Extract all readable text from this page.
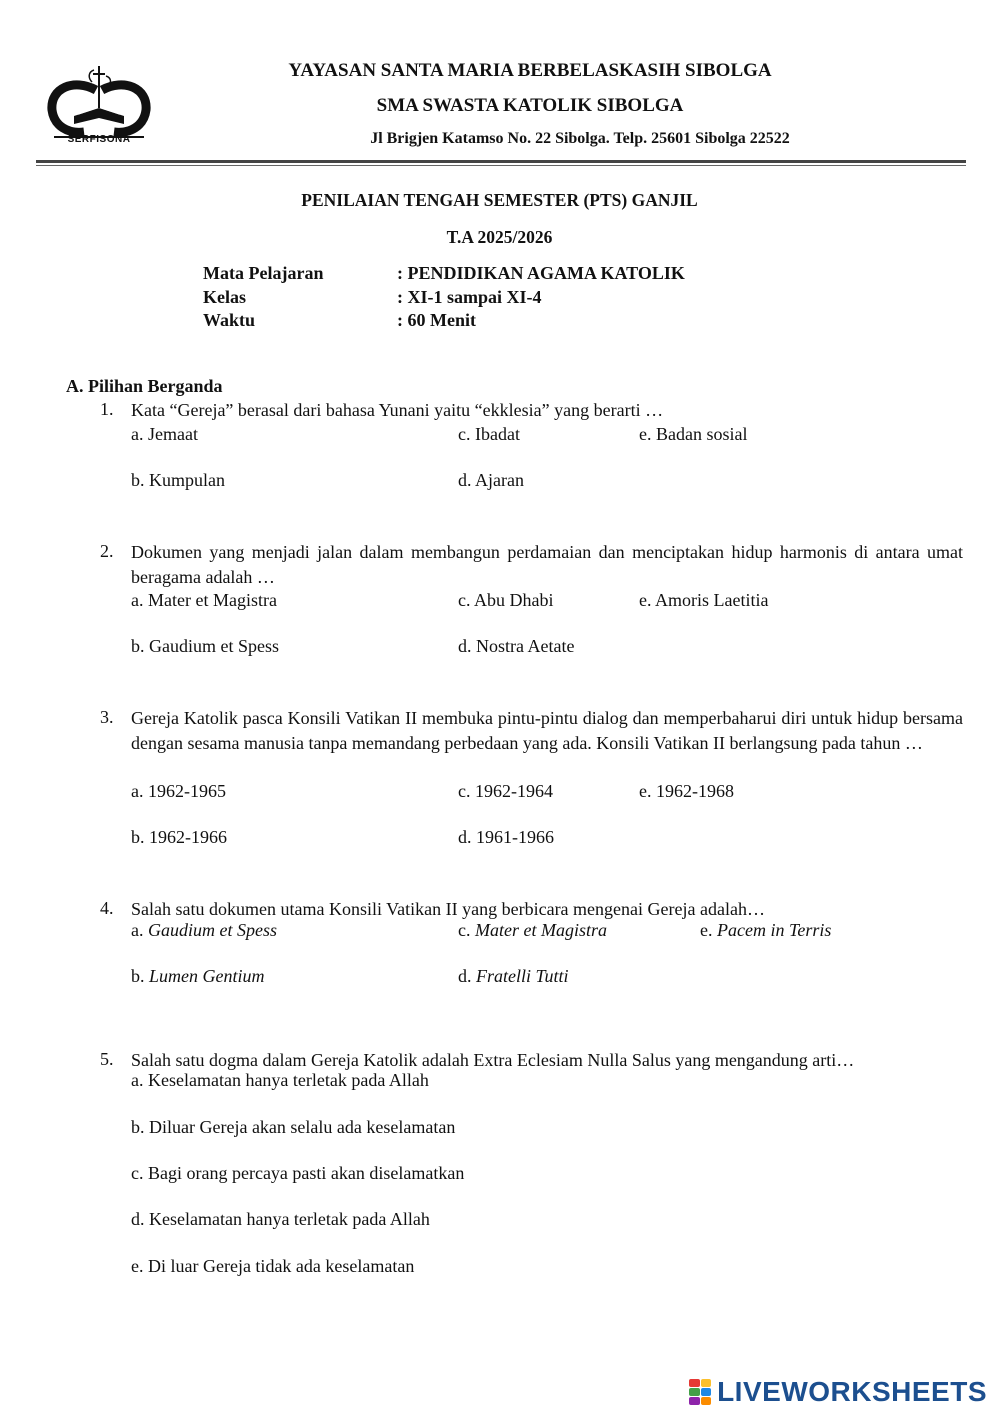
SERFISONA
YAYASAN SANTA MARIA BERBELASKASIH SIBOLGA
SMA SWASTA KATOLIK SIBOLGA
Jl Brigjen Katamso No. 22 Sibolga. Telp. 25601 Sibolga 22522
PENILAIAN TENGAH SEMESTER (PTS) GANJIL
T.A 2025/2026
Mata Pelajaran	: PENDIDIKAN AGAMA KATOLIK
Kelas	: XI-1 sampai XI-4
Waktu	: 60 Menit
A. Pilihan Berganda
1. Kata “Gereja” berasal dari bahasa Yunani yaitu “ekklesia” yang berarti …
a. Jemaat	c. Ibadat	e. Badan sosial
b. Kumpulan	d. Ajaran
2. Dokumen yang menjadi jalan dalam membangun perdamaian dan menciptakan hidup harmonis di antara umat beragama adalah …
a. Mater et Magistra	c. Abu Dhabi	e. Amoris Laetitia
b. Gaudium et Spess	d. Nostra Aetate
3. Gereja Katolik pasca Konsili Vatikan II membuka pintu-pintu dialog dan memperbaharui diri untuk hidup bersama dengan sesama manusia tanpa memandang perbedaan yang ada. Konsili Vatikan II berlangsung pada tahun …
a. 1962-1965	c. 1962-1964	e. 1962-1968
b. 1962-1966	d. 1961-1966
4. Salah satu dokumen utama Konsili Vatikan II yang berbicara mengenai Gereja adalah…
a. Gaudium et Spess	c. Mater et Magistra	e. Pacem in Terris
b. Lumen Gentium	d. Fratelli Tutti
5. Salah satu dogma dalam Gereja Katolik adalah Extra Eclesiam Nulla Salus yang mengandung arti…
a. Keselamatan hanya terletak pada Allah
b. Diluar Gereja akan selalu ada keselamatan
c. Bagi orang percaya pasti akan diselamatkan
d. Keselamatan hanya terletak pada Allah
e. Di luar Gereja tidak ada keselamatan
LIVEWORKSHEETS
